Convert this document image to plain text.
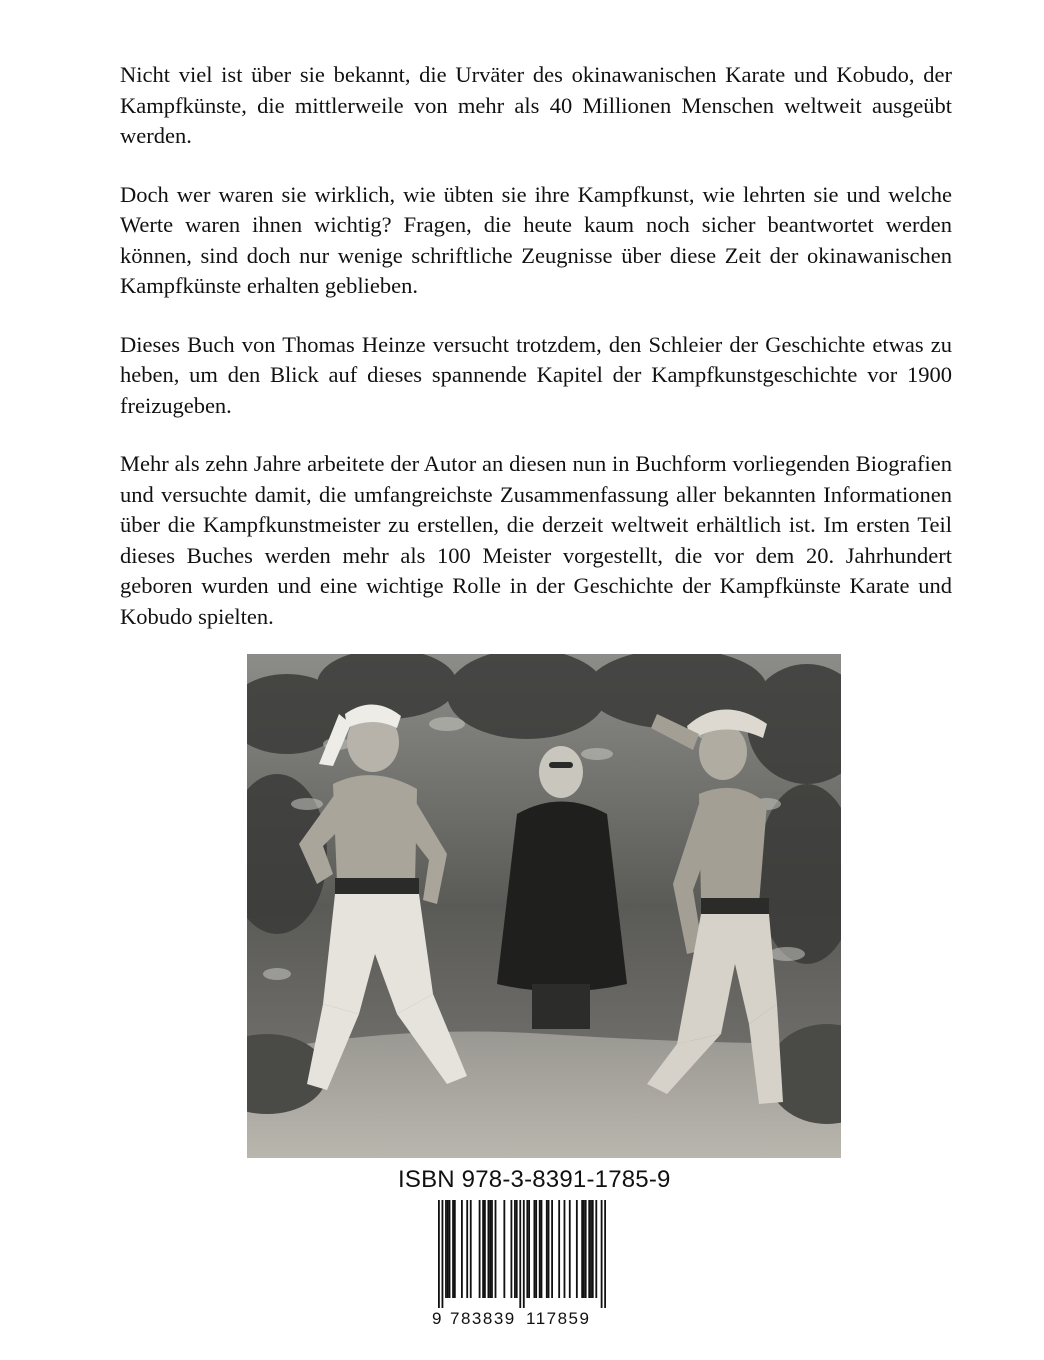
Nicht viel ist über sie bekannt, die Urväter des okinawanischen Karate und Kobudo, der Kampfkünste, die mittlerweile von mehr als 40 Millionen Menschen weltweit ausgeübt werden.

Doch wer waren sie wirklich, wie übten sie ihre Kampfkunst, wie lehrten sie und welche Werte waren ihnen wichtig? Fragen, die heute kaum noch sicher beantwortet werden können, sind doch nur wenige schriftliche Zeugnisse über diese Zeit der okinawanischen Kampfkünste erhalten geblieben.

Dieses Buch von Thomas Heinze versucht trotzdem, den Schleier der Geschichte etwas zu heben, um den Blick auf dieses spannende Kapitel der Kampfkunstgeschichte vor 1900 freizugeben.

Mehr als zehn Jahre arbeitete der Autor an diesen nun in Buchform vorliegenden Biografien und versuchte damit, die umfangreichste Zusammenfassung aller bekannten Informationen über die Kampfkunstmeister zu erstellen, die derzeit weltweit erhältlich ist. Im ersten Teil dieses Buches werden mehr als 100 Meister vorgestellt, die vor dem 20. Jahrhundert geboren wurden und eine wichtige Rolle in der Geschichte der Kampfkünste Karate und Kobudo spielten.

ISBN 978-3-8391-1785-9
9 783839 117859
